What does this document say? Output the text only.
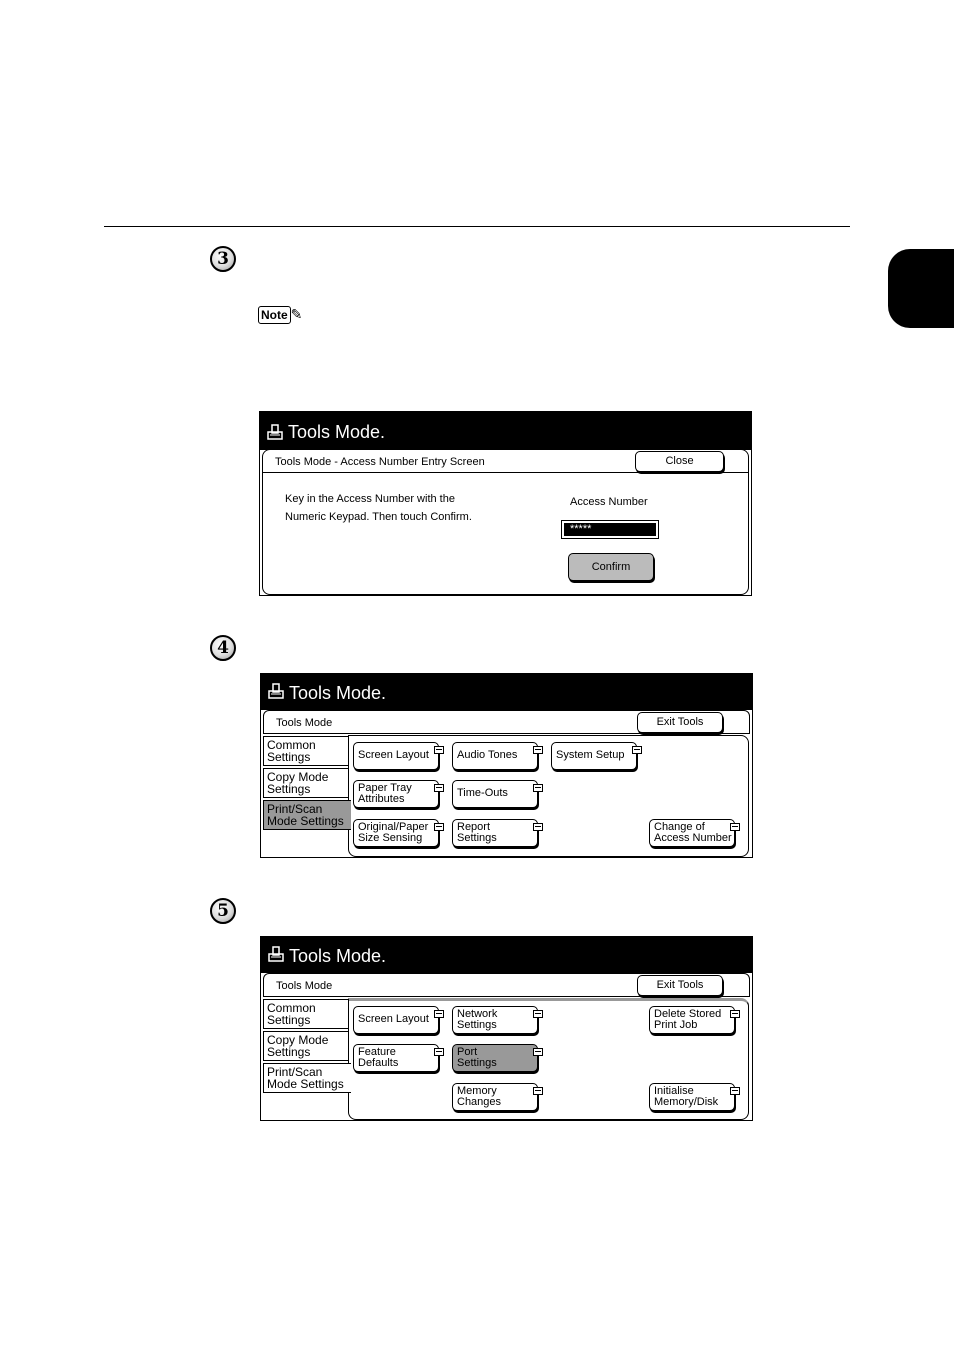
3
Note ✎
Tools Mode.
Tools Mode - Access Number Entry Screen	Close
Key in the Access Number with the
Numeric Keypad. Then touch Confirm.
Access Number
*****
Confirm
4
Tools Mode.
Tools Mode	Exit Tools
Common
Settings
Copy Mode
Settings
Print/Scan
Mode Settings
Screen Layout	Audio Tones	System Setup
Paper Tray
Attributes	Time-Outs
Original/Paper
Size Sensing
Report
Settings
Change of
Access Number
5
Tools Mode.
Tools Mode	Exit Tools
Common
Settings
Copy Mode
Settings
Print/Scan
Mode Settings
Screen Layout	Network
Settings
Delete Stored
Print Job
Feature
Defaults
Port
Settings
Memory
Changes
Initialise
Memory/Disk
